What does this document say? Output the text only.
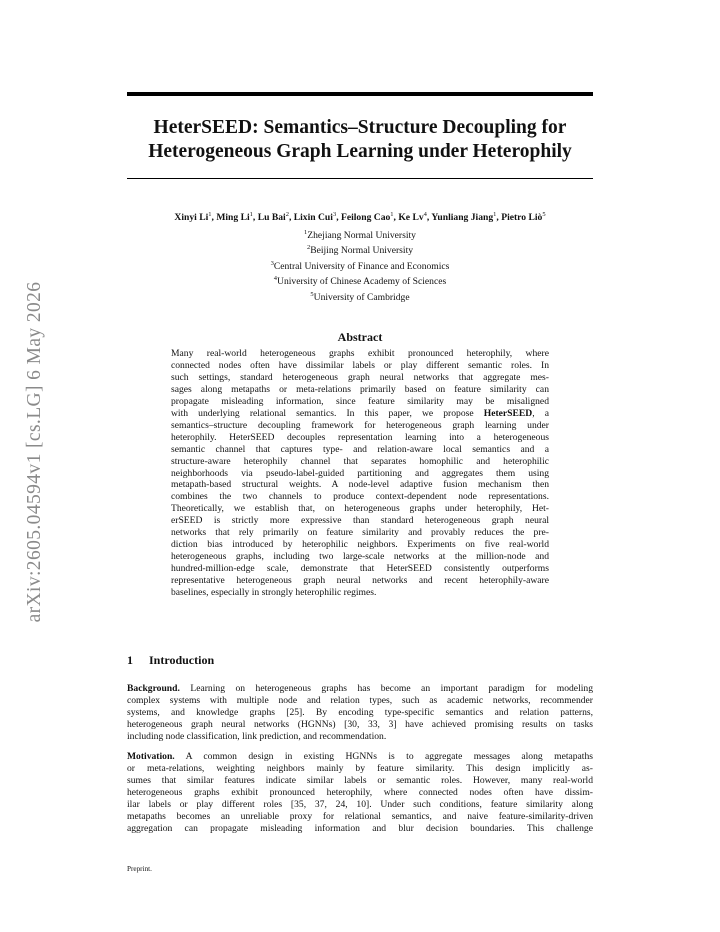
arXiv:2605.04594v1 [cs.LG] 6 May 2026
HeterSEED: Semantics–Structure Decoupling for
Heterogeneous Graph Learning under Heterophily
Xinyi Li$^1$, Ming Li$^1$, Lu Bai$^2$, Lixin Cui$^3$, Feilong Cao$^1$, Ke Lv$^4$, Yunliang Jiang$^1$, Pietro Liò$^5$
$^1$Zhejiang Normal University
$^2$Beijing Normal University
$^3$Central University of Finance and Economics
$^4$University of Chinese Academy of Sciences
$^5$University of Cambridge
Abstract
Many real-world heterogeneous graphs exhibit pronounced heterophily, where
connected nodes often have dissimilar labels or play different semantic roles. In
such settings, standard heterogeneous graph neural networks that aggregate mes-
sages along metapaths or meta-relations primarily based on feature similarity can
propagate misleading information, since feature similarity may be misaligned
with underlying relational semantics. In this paper, we propose HeterSEED, a
semantics–structure decoupling framework for heterogeneous graph learning under
heterophily. HeterSEED decouples representation learning into a heterogeneous
semantic channel that captures type- and relation-aware local semantics and a
structure-aware heterophily channel that separates homophilic and heterophilic
neighborhoods via pseudo-label-guided partitioning and aggregates them using
metapath-based structural weights. A node-level adaptive fusion mechanism then
combines the two channels to produce context-dependent node representations.
Theoretically, we establish that, on heterogeneous graphs under heterophily, Het-
erSEED is strictly more expressive than standard heterogeneous graph neural
networks that rely primarily on feature similarity and provably reduces the pre-
diction bias introduced by heterophilic neighbors. Experiments on five real-world
heterogeneous graphs, including two large-scale networks at the million-node and
hundred-million-edge scale, demonstrate that HeterSEED consistently outperforms
representative heterogeneous graph neural networks and recent heterophily-aware
baselines, especially in strongly heterophilic regimes.
1 Introduction
Background. Learning on heterogeneous graphs has become an important paradigm for modeling
complex systems with multiple node and relation types, such as academic networks, recommender
systems, and knowledge graphs [25]. By encoding type-specific semantics and relation patterns,
heterogeneous graph neural networks (HGNNs) [30, 33, 3] have achieved promising results on tasks
including node classification, link prediction, and recommendation.
Motivation. A common design in existing HGNNs is to aggregate messages along metapaths
or meta-relations, weighting neighbors mainly by feature similarity. This design implicitly as-
sumes that similar features indicate similar labels or semantic roles. However, many real-world
heterogeneous graphs exhibit pronounced heterophily, where connected nodes often have dissim-
ilar labels or play different roles [35, 37, 24, 10]. Under such conditions, feature similarity along
metapaths becomes an unreliable proxy for relational semantics, and naive feature-similarity-driven
aggregation can propagate misleading information and blur decision boundaries. This challenge
Preprint.
